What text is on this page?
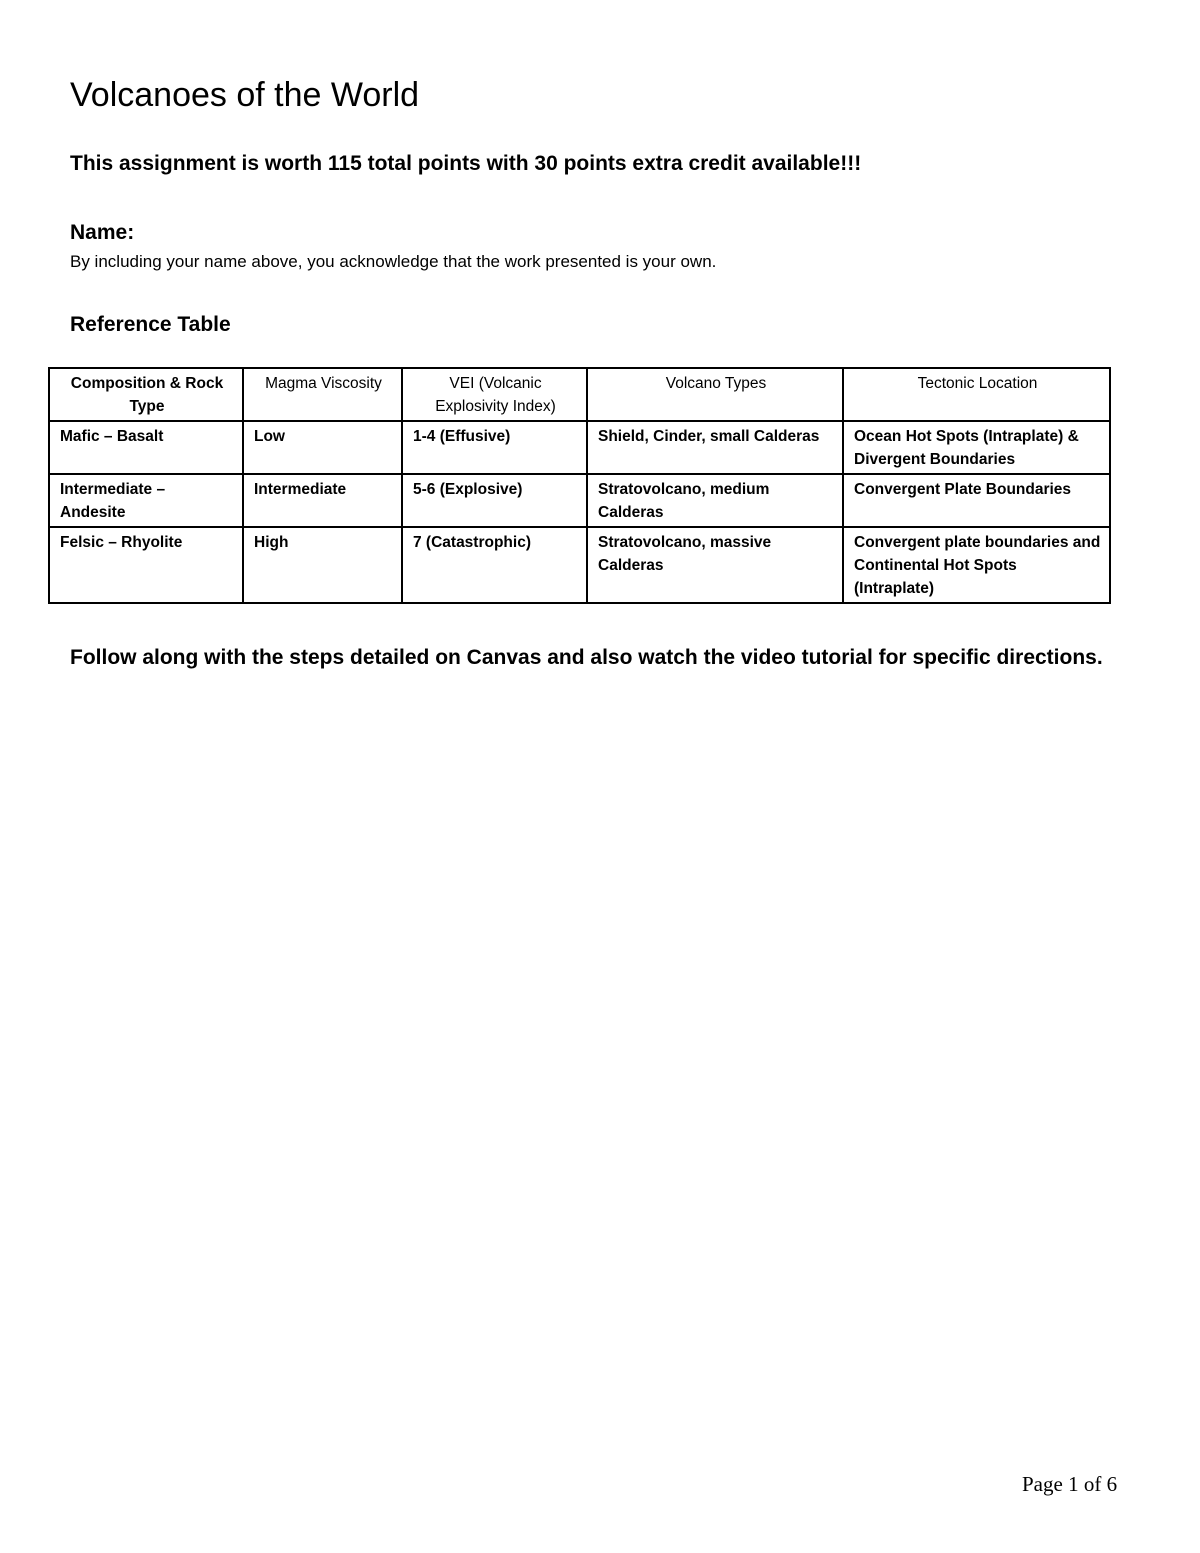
Volcanoes of the World
This assignment is worth 115 total points with 30 points extra credit available!!!
Name:
By including your name above, you acknowledge that the work presented is your own.
Reference Table
Composition & Rock Type	Magma Viscosity	VEI (Volcanic Explosivity Index)	Volcano Types	Tectonic Location
Mafic – Basalt	Low	1-4 (Effusive)	Shield, Cinder, small Calderas	Ocean Hot Spots (Intraplate) & Divergent Boundaries
Intermediate – Andesite	Intermediate	5-6 (Explosive)	Stratovolcano, medium Calderas	Convergent Plate Boundaries
Felsic – Rhyolite	High	7 (Catastrophic)	Stratovolcano, massive Calderas	Convergent plate boundaries and Continental Hot Spots (Intraplate)
Follow along with the steps detailed on Canvas and also watch the video tutorial for specific directions.
Page 1 of 6
